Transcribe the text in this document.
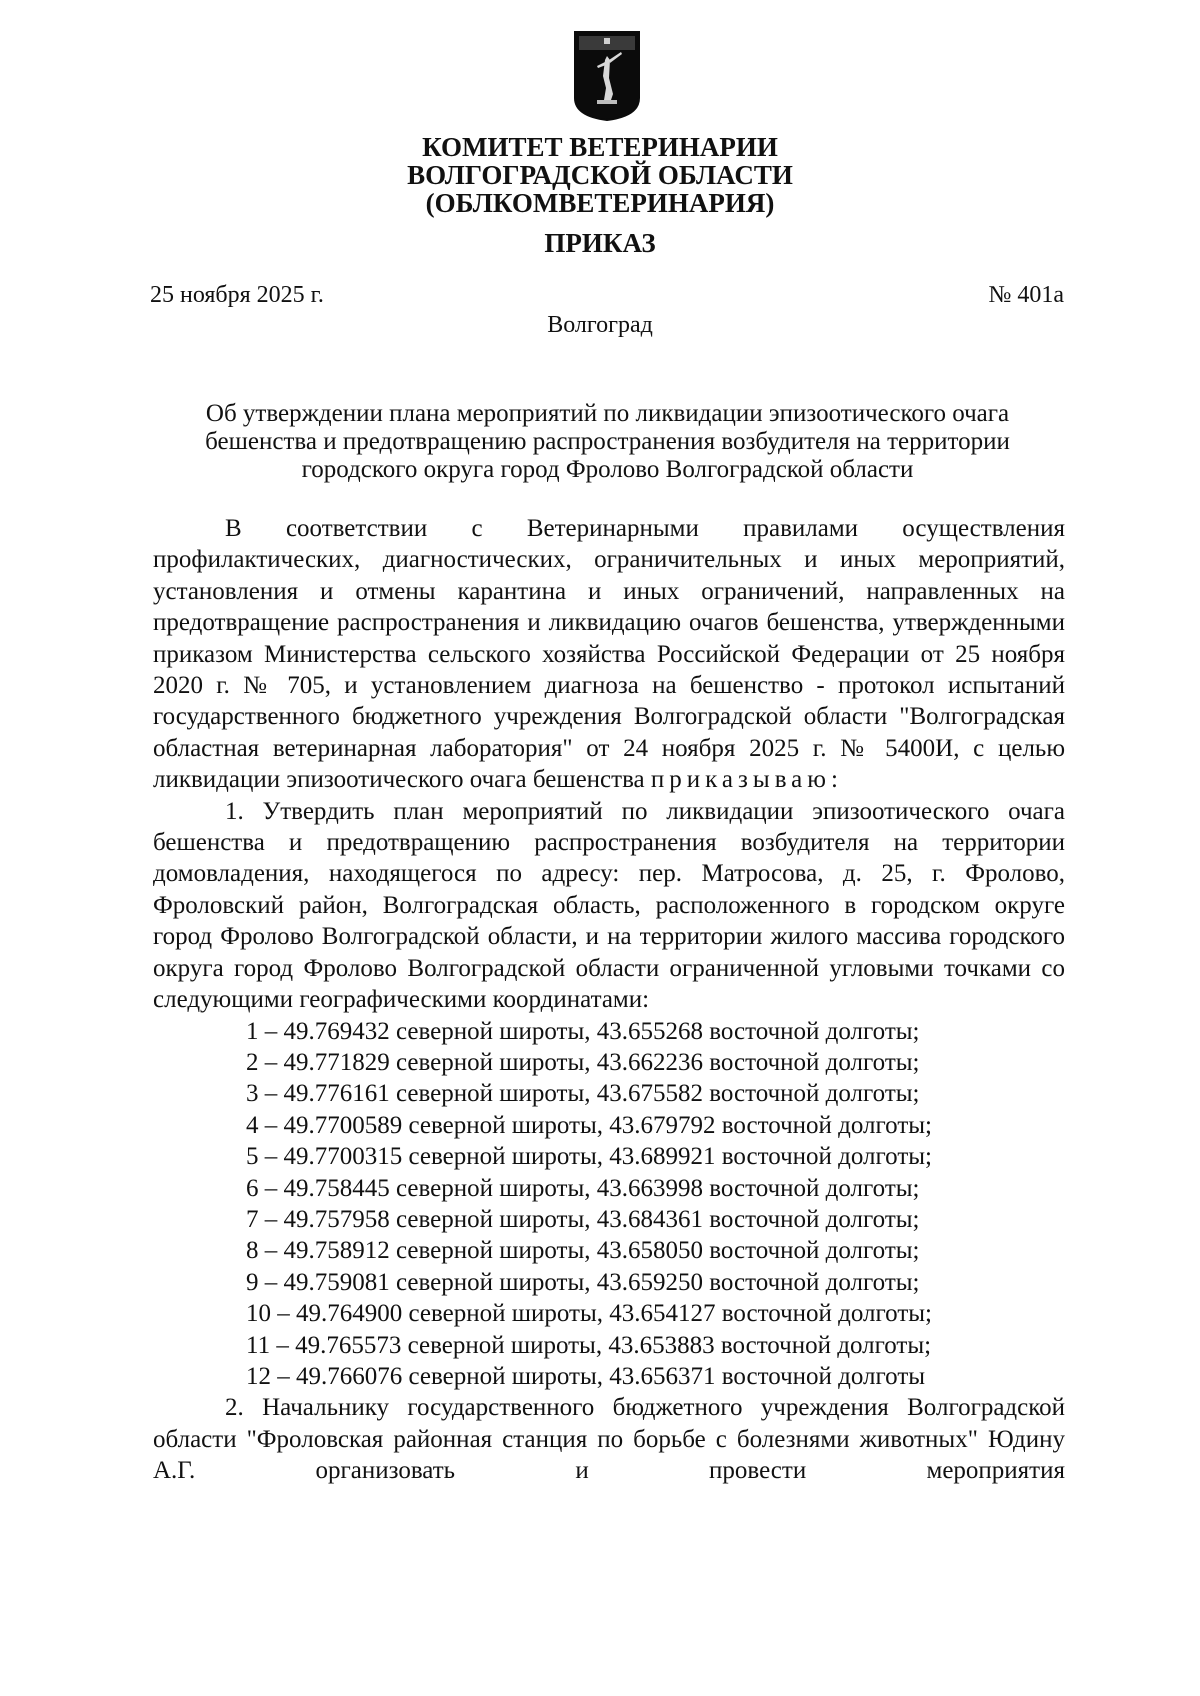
КОМИТЕТ ВЕТЕРИНАРИИ
ВОЛГОГРАДСКОЙ ОБЛАСТИ
(ОБЛКОМВЕТЕРИНАРИЯ)
ПРИКАЗ
25 ноября 2025 г.	№ 401а
Волгоград
Об утверждении плана мероприятий по ликвидации эпизоотического очага
бешенства и предотвращению распространения возбудителя на территории
городского округа город Фролово Волгоградской области

В соответствии с Ветеринарными правилами осуществления профилактических, диагностических, ограничительных и иных мероприятий, установления и отмены карантина и иных ограничений, направленных на предотвращение распространения и ликвидацию очагов бешенства, утвержденными приказом Министерства сельского хозяйства Российской Федерации от 25 ноября 2020 г. № 705, и установлением диагноза на бешенство - протокол испытаний государственного бюджетного учреждения Волгоградской области "Волгоградская областная ветеринарная лаборатория" от 24 ноября 2025 г. № 5400И, с целью ликвидации эпизоотического очага бешенства приказываю:

1. Утвердить план мероприятий по ликвидации эпизоотического очага бешенства и предотвращению распространения возбудителя на территории домовладения, находящегося по адресу: пер. Матросова, д. 25, г. Фролово, Фроловский район, Волгоградская область, расположенного в городском округе город Фролово Волгоградской области, и на территории жилого массива городского округа город Фролово Волгоградской области ограниченной угловыми точками со следующими географическими координатами:

1 – 49.769432 северной широты, 43.655268 восточной долготы;
2 – 49.771829 северной широты, 43.662236 восточной долготы;
3 – 49.776161 северной широты, 43.675582 восточной долготы;
4 – 49.7700589 северной широты, 43.679792 восточной долготы;
5 – 49.7700315 северной широты, 43.689921 восточной долготы;
6 – 49.758445 северной широты, 43.663998 восточной долготы;
7 – 49.757958 северной широты, 43.684361 восточной долготы;
8 – 49.758912 северной широты, 43.658050 восточной долготы;
9 – 49.759081 северной широты, 43.659250 восточной долготы;
10 – 49.764900 северной широты, 43.654127 восточной долготы;
11 – 49.765573 северной широты, 43.653883 восточной долготы;
12 – 49.766076 северной широты, 43.656371 восточной долготы

2. Начальнику государственного бюджетного учреждения Волгоградской области "Фроловская районная станция по борьбе с болезнями животных" Юдину А.Г. организовать и провести мероприятия
